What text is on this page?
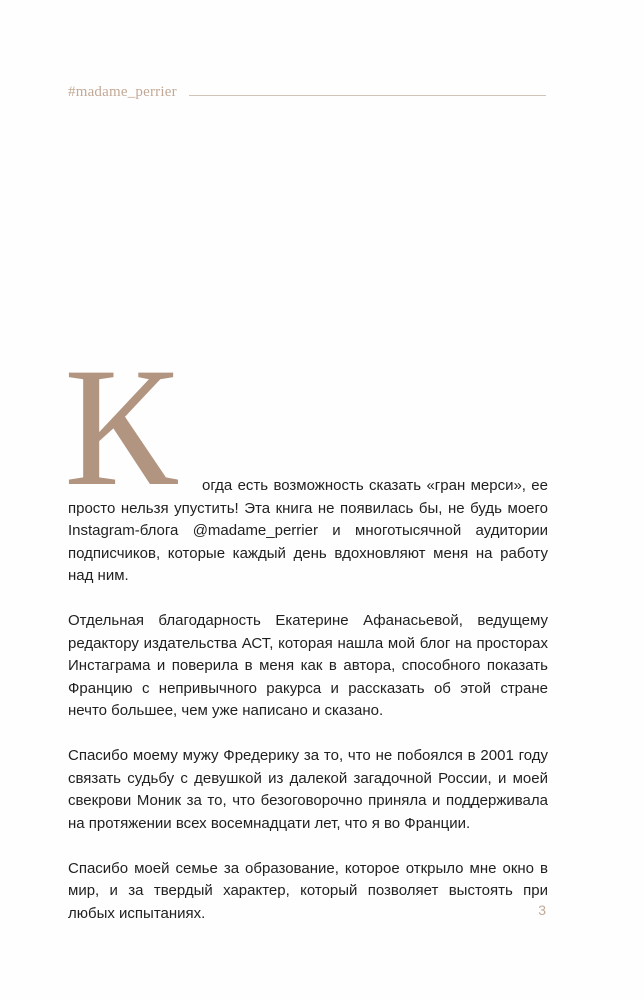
#madame_perrier
К	огда есть возможность сказать «гран мерси», ее просто нельзя упустить! Эта книга не появилась бы, не будь моего Instagram-блога @madame_perrier и многотысячной аудитории подписчиков, которые каждый день вдохновляют меня на работу над ним.

Отдельная благодарность Екатерине Афанасьевой, ведущему редактору издательства АСТ, которая нашла мой блог на просторах Инстаграма и поверила в меня как в автора, способного показать Францию с непривычного ракурса и рассказать об этой стране нечто большее, чем уже написано и сказано.

Спасибо моему мужу Фредерику за то, что не побоялся в 2001 году связать судьбу с девушкой из далекой загадочной России, и моей свекрови Моник за то, что безоговорочно приняла и поддерживала на протяжении всех восемнадцати лет, что я во Франции.

Спасибо моей семье за образование, которое открыло мне окно в мир, и за твердый характер, который позволяет выстоять при любых испытаниях.	3
